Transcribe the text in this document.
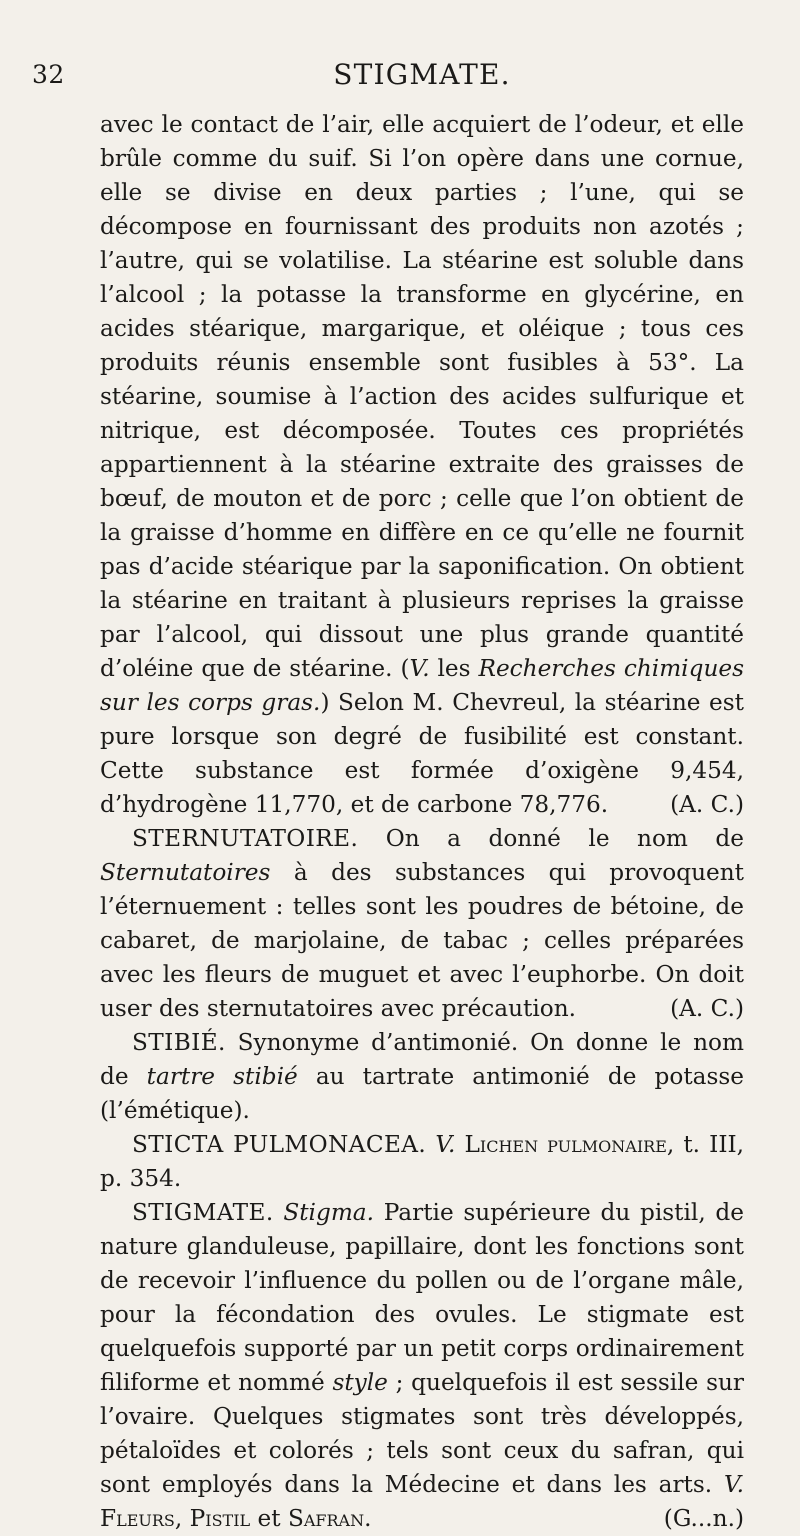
32	STIGMATE.

avec le contact de l’air, elle acquiert de l’odeur, et elle brûle comme du suif. Si l’on opère dans une cornue, elle se divise en deux parties ; l’une, qui se décompose en fournissant des produits non azotés ; l’autre, qui se volatilise. La stéarine est soluble dans l’alcool ; la potasse la transforme en glycérine, en acides stéarique, margarique, et oléique ; tous ces produits réunis ensemble sont fusibles à 53°. La stéarine, soumise à l’action des acides sulfurique et nitrique, est décomposée. Toutes ces propriétés appartiennent à la stéarine extraite des graisses de bœuf, de mouton et de porc ; celle que l’on obtient de la graisse d’homme en diffère en ce qu’elle ne fournit pas d’acide stéarique par la saponification. On obtient la stéarine en traitant à plusieurs reprises la graisse par l’alcool, qui dissout une plus grande quantité d’oléine que de stéarine. (V. les Recherches chimiques sur les corps gras.) Selon M. Chevreul, la stéarine est pure lorsque son degré de fusibilité est constant. Cette substance est formée d’oxigène 9,454, d’hydrogène 11,770, et de carbone 78,776.	(A. C.)

STERNUTATOIRE. On a donné le nom de Sternutatoires à des substances qui provoquent l’éternuement : telles sont les poudres de bétoine, de cabaret, de marjolaine, de tabac ; celles préparées avec les fleurs de muguet et avec l’euphorbe. On doit user des sternutatoires avec précaution.	(A. C.)

STIBIÉ. Synonyme d’antimonié. On donne le nom de tartre stibié au tartrate antimonié de potasse (l’émétique).

STICTA PULMONACEA. V. Lichen pulmonaire, t. III, p. 354.

STIGMATE. Stigma. Partie supérieure du pistil, de nature glanduleuse, papillaire, dont les fonctions sont de recevoir l’influence du pollen ou de l’organe mâle, pour la fécondation des ovules. Le stigmate est quelquefois supporté par un petit corps ordinairement filiforme et nommé style ; quelquefois il est sessile sur l’ovaire. Quelques stigmates sont très développés, pétaloïdes et colorés ; tels sont ceux du safran, qui sont employés dans la Médecine et dans les arts. V. Fleurs, Pistil et Safran.	(G...n.)
